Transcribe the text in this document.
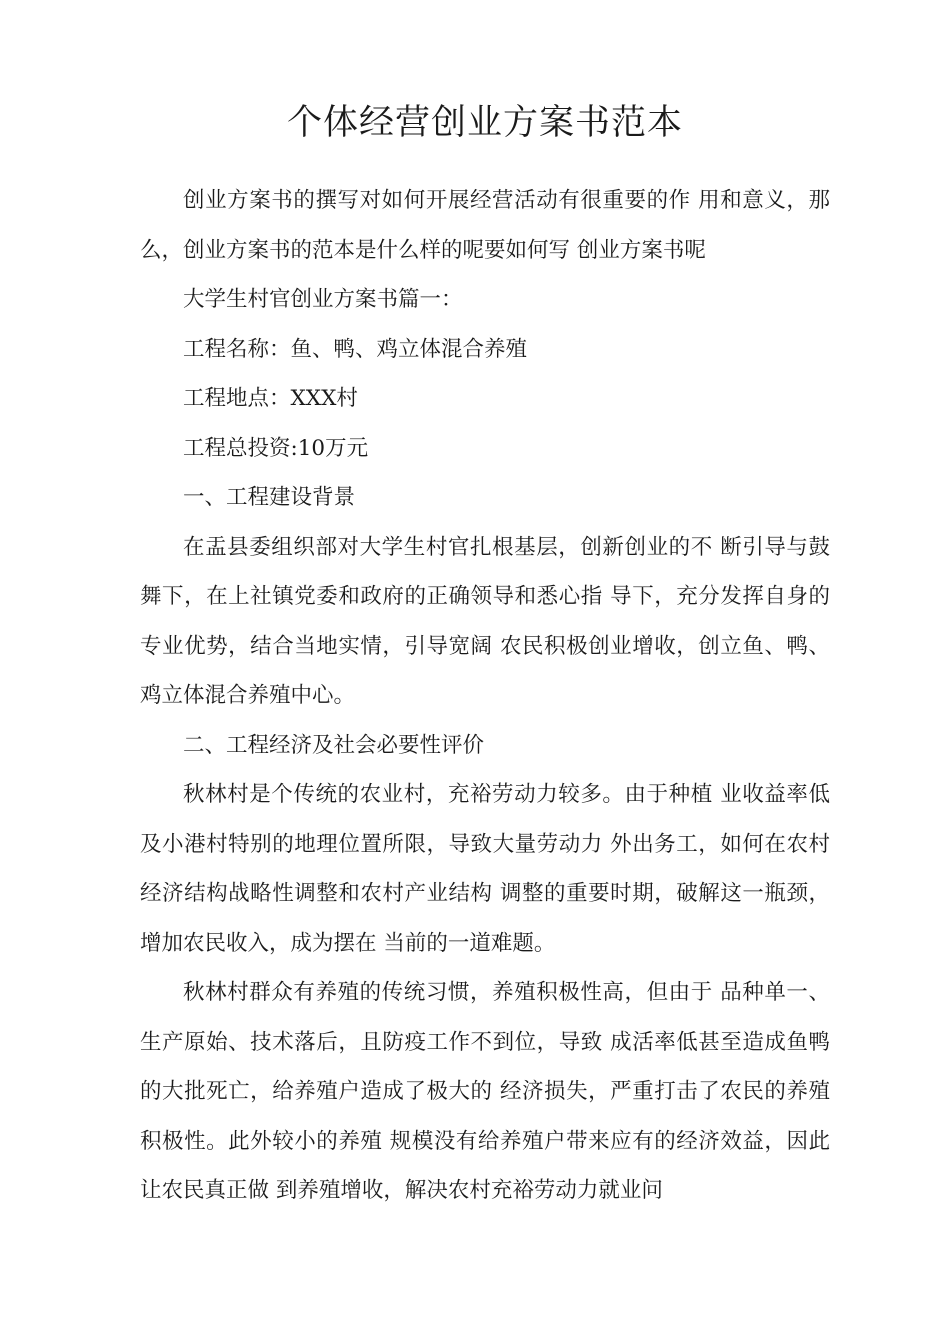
个体经营创业方案书范本

创业方案书的撰写对如何开展经营活动有很重要的作 用和意义，那么，创业方案书的范本是什么样的呢要如何写 创业方案书呢

大学生村官创业方案书篇一：

工程名称：鱼、鸭、鸡立体混合养殖

工程地点：XXX村

工程总投资:10万元

一、工程建设背景

在盂县委组织部对大学生村官扎根基层，创新创业的不 断引导与鼓舞下，在上社镇党委和政府的正确领导和悉心指 导下，充分发挥自身的专业优势，结合当地实情，引导宽阔 农民积极创业增收，创立鱼、鸭、鸡立体混合养殖中心。

二、工程经济及社会必要性评价

秋林村是个传统的农业村，充裕劳动力较多。由于种植 业收益率低及小港村特别的地理位置所限，导致大量劳动力 外出务工，如何在农村经济结构战略性调整和农村产业结构 调整的重要时期，破解这一瓶颈，增加农民收入，成为摆在 当前的一道难题。

秋林村群众有养殖的传统习惯，养殖积极性高，但由于 品种单一、生产原始、技术落后，且防疫工作不到位，导致 成活率低甚至造成鱼鸭的大批死亡，给养殖户造成了极大的 经济损失，严重打击了农民的养殖积极性。此外较小的养殖 规模没有给养殖户带来应有的经济效益，因此让农民真正做 到养殖增收，解决农村充裕劳动力就业问
